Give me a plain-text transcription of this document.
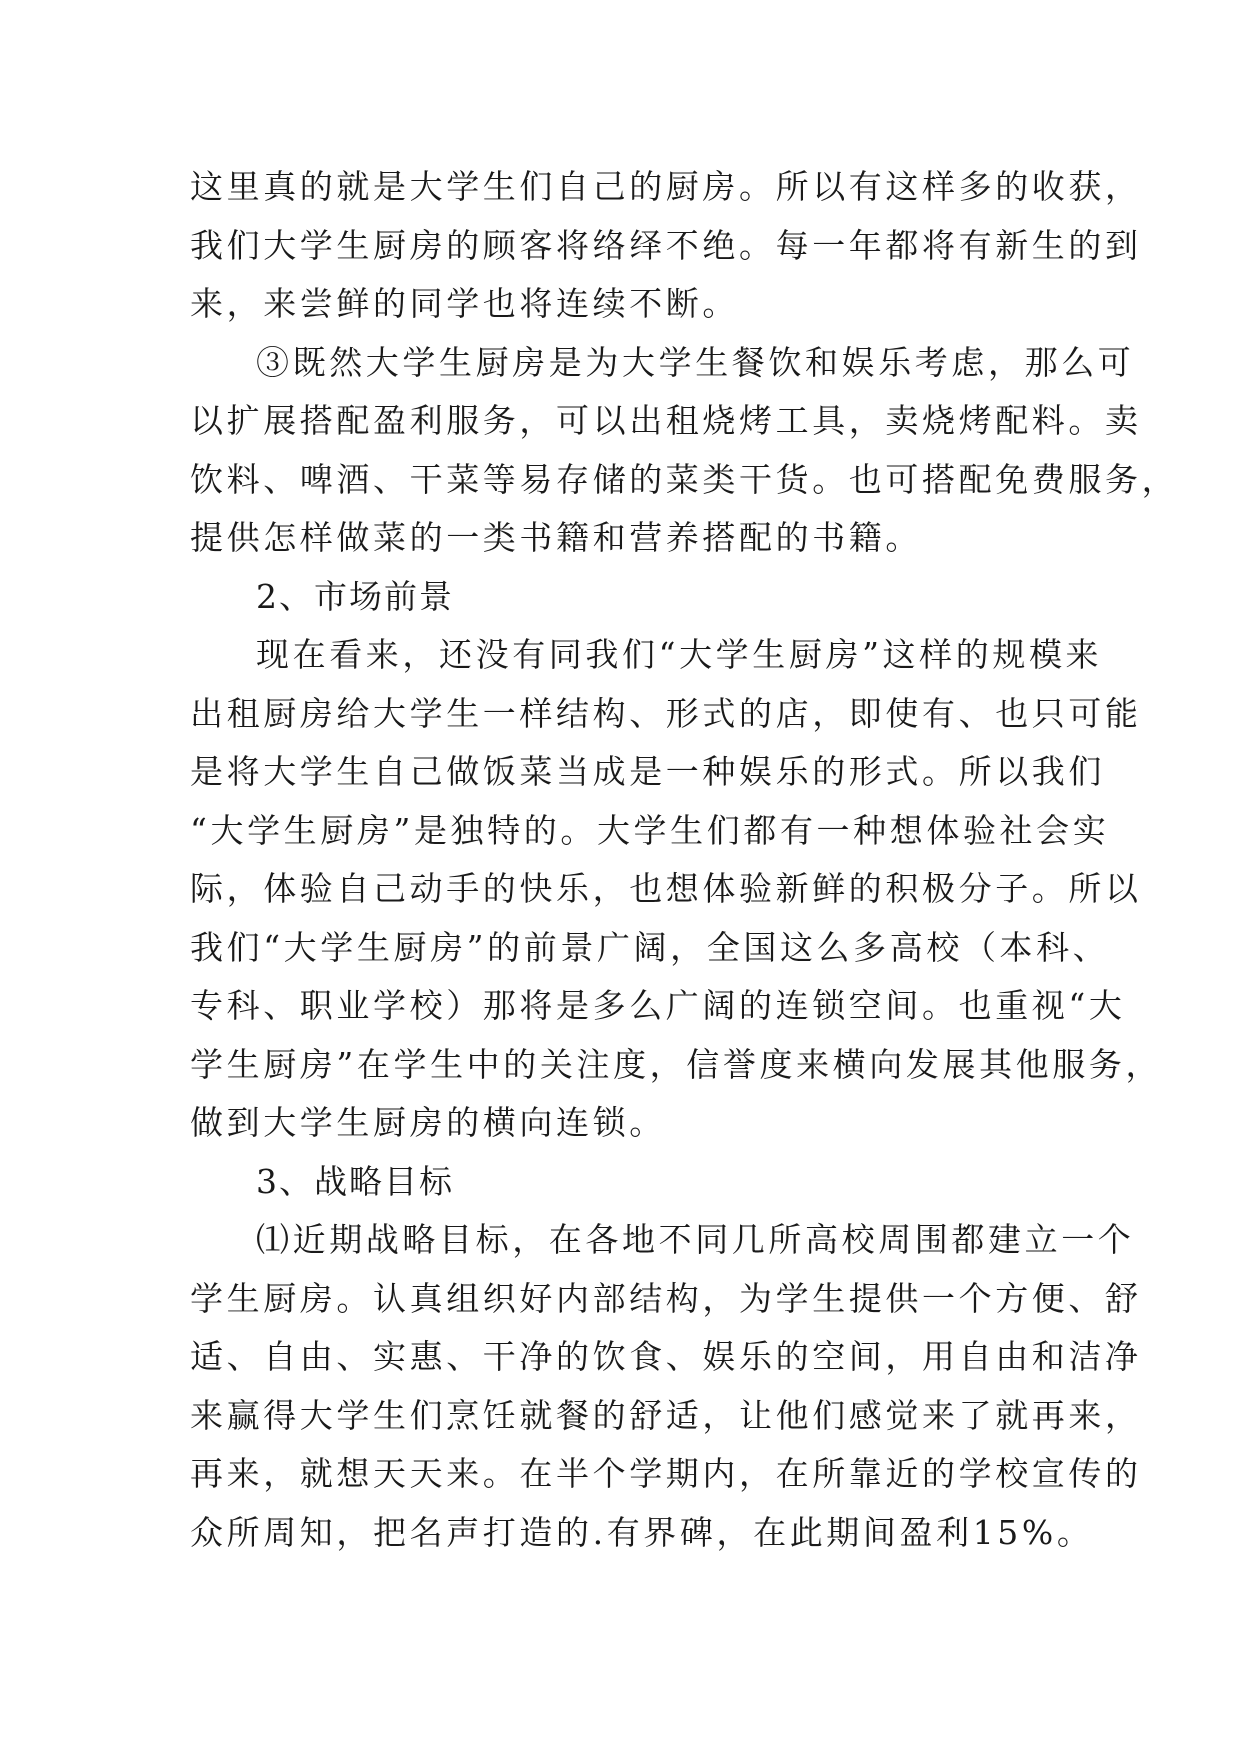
这里真的就是大学生们自己的厨房。所以有这样多的收获，
我们大学生厨房的顾客将络绎不绝。每一年都将有新生的到
来，来尝鲜的同学也将连续不断。
③既然大学生厨房是为大学生餐饮和娱乐考虑，那么可
以扩展搭配盈利服务，可以出租烧烤工具，卖烧烤配料。卖
饮料、啤酒、干菜等易存储的菜类干货。也可搭配免费服务，
提供怎样做菜的一类书籍和营养搭配的书籍。
2、市场前景
现在看来，还没有同我们“大学生厨房”这样的规模来
出租厨房给大学生一样结构、形式的店，即使有、也只可能
是将大学生自己做饭菜当成是一种娱乐的形式。所以我们
“大学生厨房”是独特的。大学生们都有一种想体验社会实
际，体验自己动手的快乐，也想体验新鲜的积极分子。所以
我们“大学生厨房”的前景广阔，全国这么多高校（本科、
专科、职业学校）那将是多么广阔的连锁空间。也重视“大
学生厨房”在学生中的关注度，信誉度来横向发展其他服务，
做到大学生厨房的横向连锁。
3、战略目标
⑴近期战略目标，在各地不同几所高校周围都建立一个
学生厨房。认真组织好内部结构，为学生提供一个方便、舒
适、自由、实惠、干净的饮食、娱乐的空间，用自由和洁净
来赢得大学生们烹饪就餐的舒适，让他们感觉来了就再来，
再来，就想天天来。在半个学期内，在所靠近的学校宣传的
众所周知，把名声打造的.有界碑，在此期间盈利15%。
